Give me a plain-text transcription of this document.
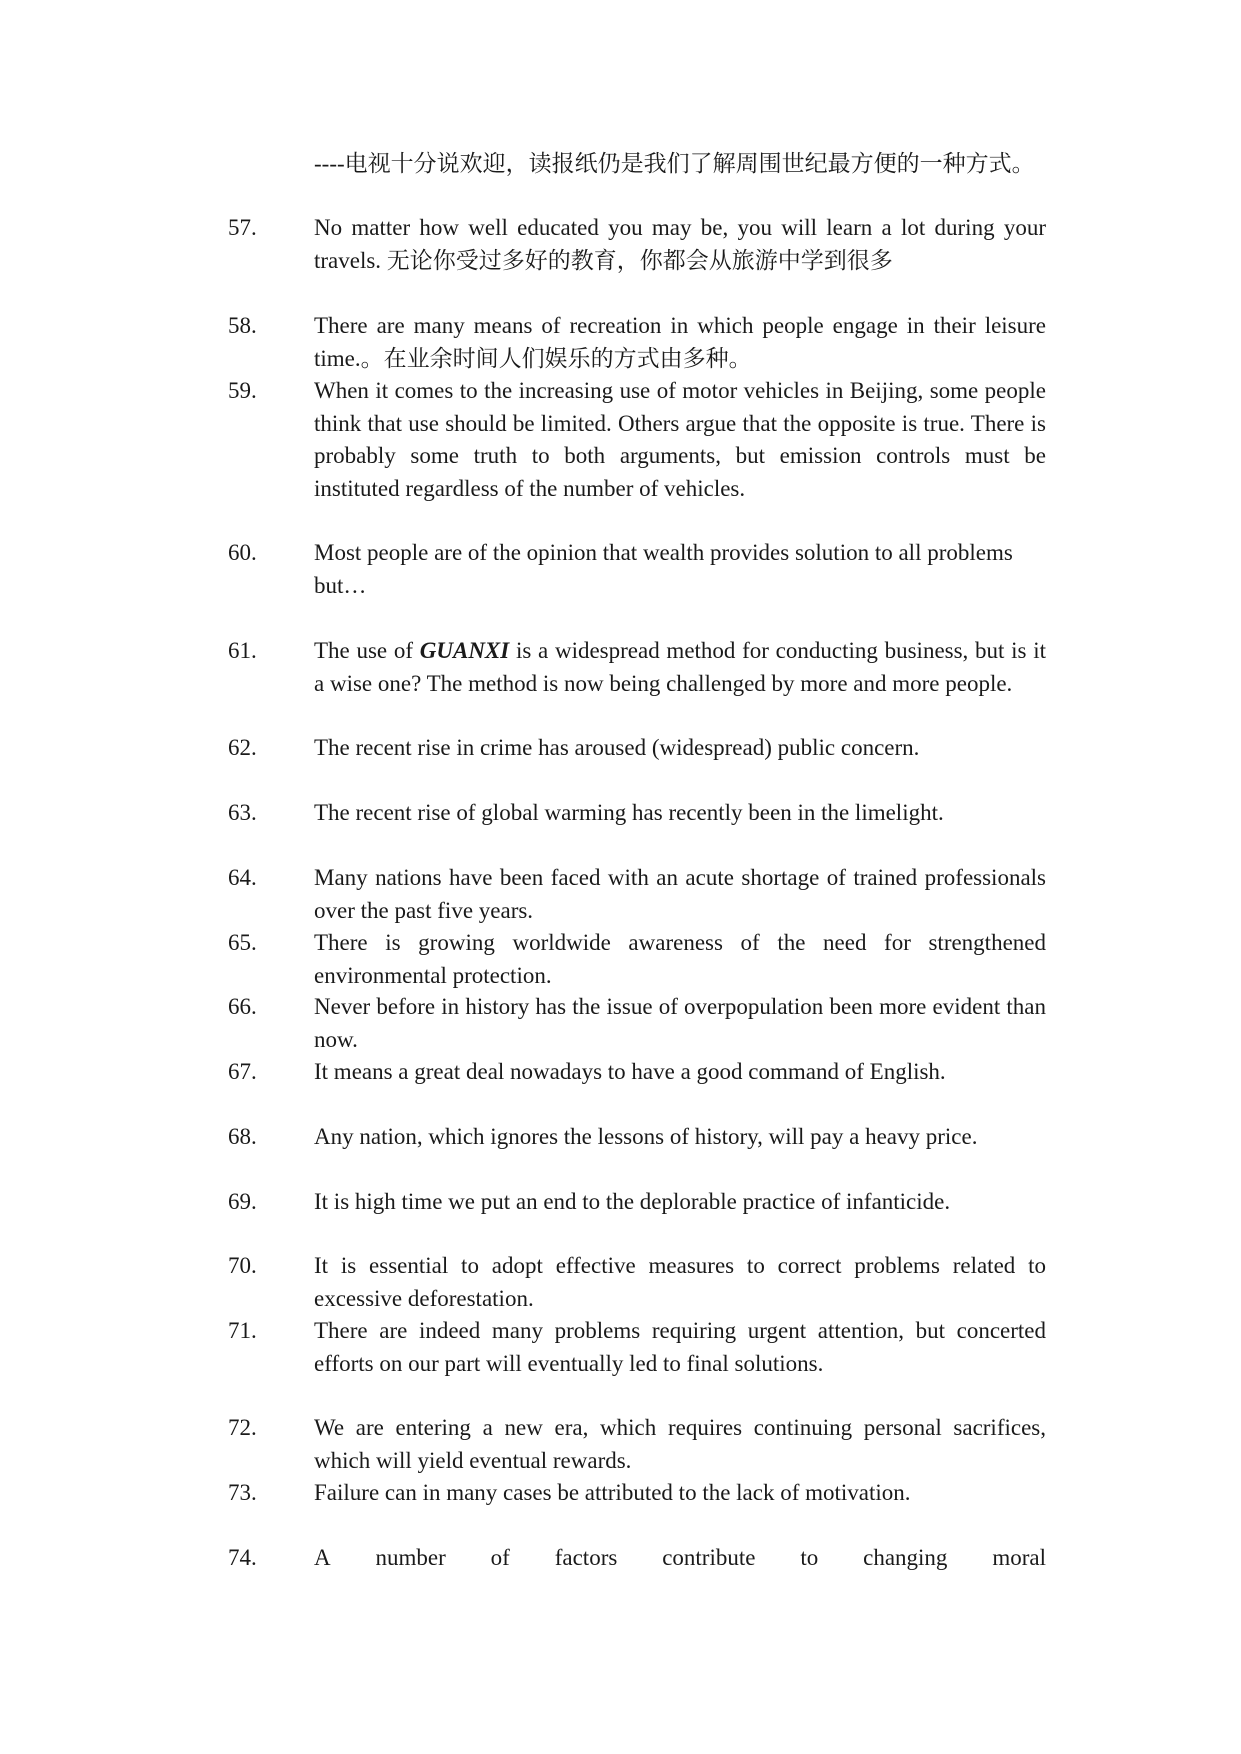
----电视十分说欢迎，读报纸仍是我们了解周围世纪最方便的一种方式。
57.	No matter how well educated you may be, you will learn a lot during your travels. 无论你受过多好的教育，你都会从旅游中学到很多
58.	There are many means of recreation in which people engage in their leisure time.。在业余时间人们娱乐的方式由多种。
59.	When it comes to the increasing use of motor vehicles in Beijing, some people think that use should be limited. Others argue that the opposite is true. There is probably some truth to both arguments, but emission controls must be instituted regardless of the number of vehicles.
60.	Most people are of the opinion that wealth provides solution to all problems
but…
61.	The use of GUANXI is a widespread method for conducting business, but is it a wise one? The method is now being challenged by more and more people.
62.	The recent rise in crime has aroused (widespread) public concern.
63.	The recent rise of global warming has recently been in the limelight.
64.	Many nations have been faced with an acute shortage of trained professionals over the past five years.
65.	There is growing worldwide awareness of the need for strengthened environmental protection.
66.	Never before in history has the issue of overpopulation been more evident than now.
67.	It means a great deal nowadays to have a good command of English.
68.	Any nation, which ignores the lessons of history, will pay a heavy price.
69.	It is high time we put an end to the deplorable practice of infanticide.
70.	It is essential to adopt effective measures to correct problems related to excessive deforestation.
71.	There are indeed many problems requiring urgent attention, but concerted efforts on our part will eventually led to final solutions.
72.	We are entering a new era, which requires continuing personal sacrifices, which will yield eventual rewards.
73.	Failure can in many cases be attributed to the lack of motivation.
74.	A number of factors contribute to changing moral
